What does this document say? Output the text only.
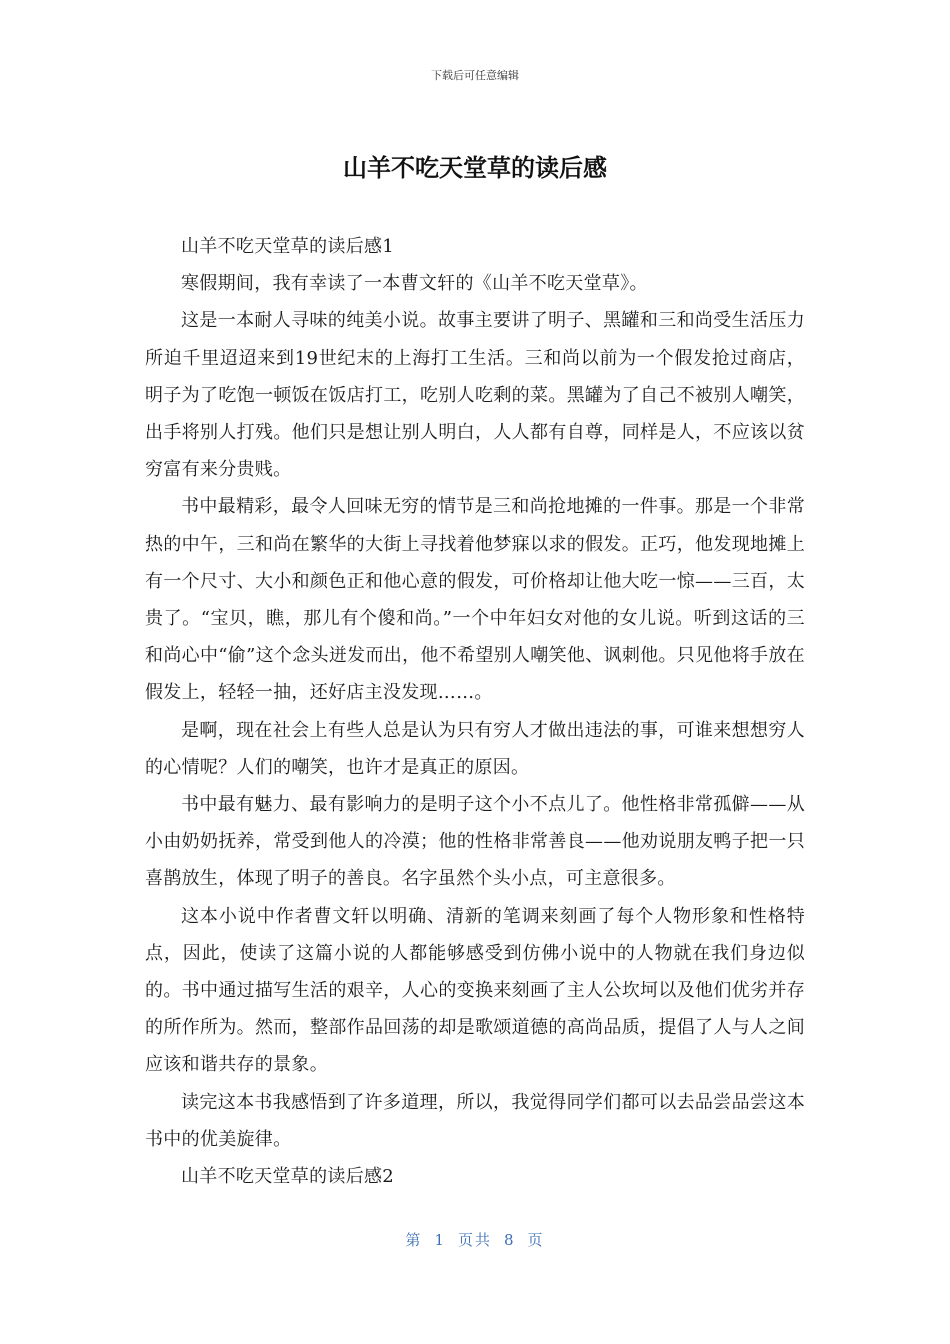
下载后可任意编辑
山羊不吃天堂草的读后感

山羊不吃天堂草的读后感1

寒假期间，我有幸读了一本曹文轩的《山羊不吃天堂草》。

这是一本耐人寻味的纯美小说。故事主要讲了明子、黑罐和三和尚受生活压力所迫千里迢迢来到19世纪末的上海打工生活。三和尚以前为一个假发抢过商店，明子为了吃饱一顿饭在饭店打工，吃别人吃剩的菜。黑罐为了自己不被别人嘲笑，出手将别人打残。他们只是想让别人明白，人人都有自尊，同样是人，不应该以贫穷富有来分贵贱。

书中最精彩，最令人回味无穷的情节是三和尚抢地摊的一件事。那是一个非常热的中午，三和尚在繁华的大街上寻找着他梦寐以求的假发。正巧，他发现地摊上有一个尺寸、大小和颜色正和他心意的假发，可价格却让他大吃一惊——三百，太贵了。“宝贝，瞧，那儿有个傻和尚。”一个中年妇女对他的女儿说。听到这话的三和尚心中“偷”这个念头迸发而出，他不希望别人嘲笑他、讽刺他。只见他将手放在假发上，轻轻一抽，还好店主没发现……。

是啊，现在社会上有些人总是认为只有穷人才做出违法的事，可谁来想想穷人的心情呢？人们的嘲笑，也许才是真正的原因。

书中最有魅力、最有影响力的是明子这个小不点儿了。他性格非常孤僻——从小由奶奶抚养，常受到他人的冷漠；他的性格非常善良——他劝说朋友鸭子把一只喜鹊放生，体现了明子的善良。名字虽然个头小点，可主意很多。

这本小说中作者曹文轩以明确、清新的笔调来刻画了每个人物形象和性格特点，因此，使读了这篇小说的人都能够感受到仿佛小说中的人物就在我们身边似的。书中通过描写生活的艰辛，人心的变换来刻画了主人公坎坷以及他们优劣并存的所作所为。然而，整部作品回荡的却是歌颂道德的高尚品质，提倡了人与人之间应该和谐共存的景象。

读完这本书我感悟到了许多道理，所以，我觉得同学们都可以去品尝品尝这本书中的优美旋律。

山羊不吃天堂草的读后感2

第 1 页共 8 页
